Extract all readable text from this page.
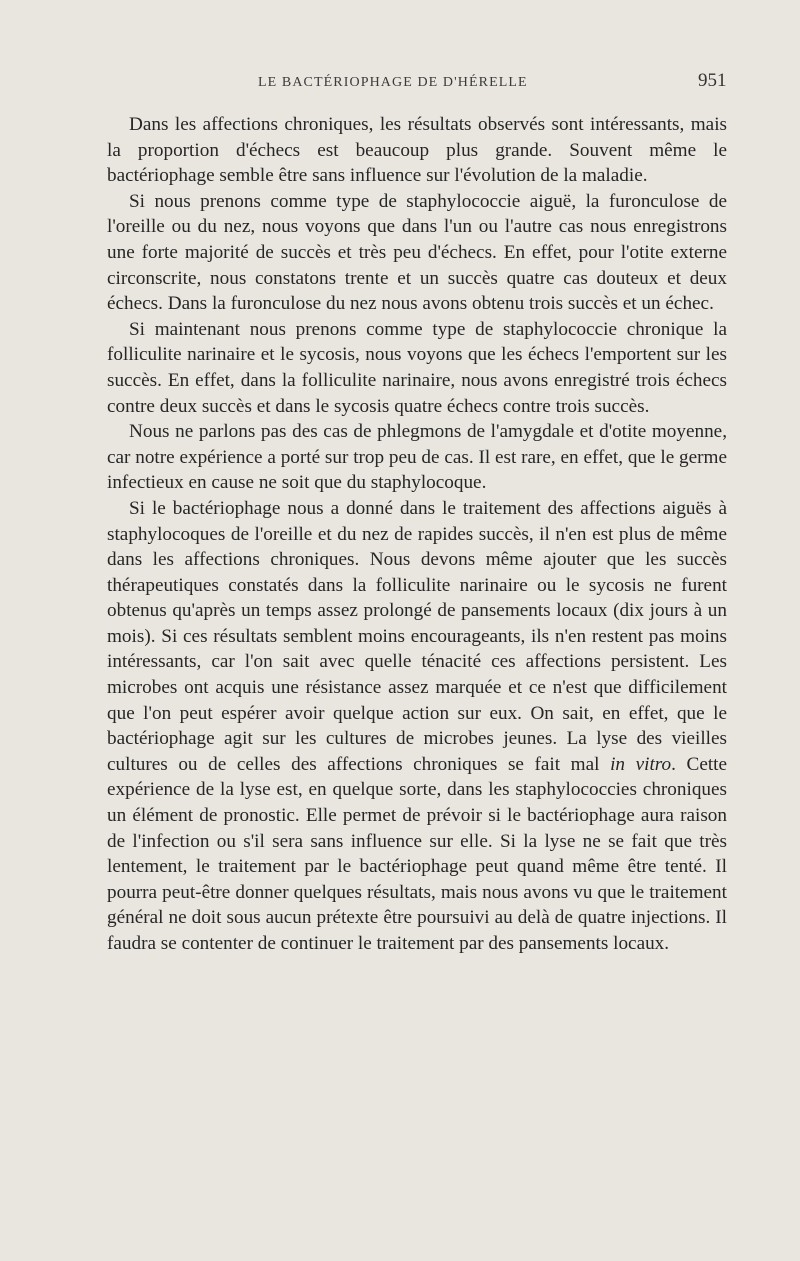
LE BACTÉRIOPHAGE DE D'HÉRELLE	951

Dans les affections chroniques, les résultats observés sont intéressants, mais la proportion d'échecs est beaucoup plus grande. Souvent même le bactériophage semble être sans influence sur l'évolution de la maladie.

Si nous prenons comme type de staphylococcie aiguë, la furonculose de l'oreille ou du nez, nous voyons que dans l'un ou l'autre cas nous enregistrons une forte majorité de succès et très peu d'échecs. En effet, pour l'otite externe circonscrite, nous constatons trente et un succès quatre cas douteux et deux échecs. Dans la furonculose du nez nous avons obtenu trois succès et un échec.

Si maintenant nous prenons comme type de staphylococcie chronique la folliculite narinaire et le sycosis, nous voyons que les échecs l'emportent sur les succès. En effet, dans la folliculite narinaire, nous avons enregistré trois échecs contre deux succès et dans le sycosis quatre échecs contre trois succès.

Nous ne parlons pas des cas de phlegmons de l'amygdale et d'otite moyenne, car notre expérience a porté sur trop peu de cas. Il est rare, en effet, que le germe infectieux en cause ne soit que du staphylocoque.

Si le bactériophage nous a donné dans le traitement des affections aiguës à staphylocoques de l'oreille et du nez de rapides succès, il n'en est plus de même dans les affections chroniques. Nous devons même ajouter que les succès thérapeutiques constatés dans la folliculite narinaire ou le sycosis ne furent obtenus qu'après un temps assez prolongé de pansements locaux (dix jours à un mois). Si ces résultats semblent moins encourageants, ils n'en restent pas moins intéressants, car l'on sait avec quelle ténacité ces affections persistent. Les microbes ont acquis une résistance assez marquée et ce n'est que difficilement que l'on peut espérer avoir quelque action sur eux. On sait, en effet, que le bactériophage agit sur les cultures de microbes jeunes. La lyse des vieilles cultures ou de celles des affections chroniques se fait mal in vitro. Cette expérience de la lyse est, en quelque sorte, dans les staphylococcies chroniques un élément de pronostic. Elle permet de prévoir si le bactériophage aura raison de l'infection ou s'il sera sans influence sur elle. Si la lyse ne se fait que très lentement, le traitement par le bactériophage peut quand même être tenté. Il pourra peut-être donner quelques résultats, mais nous avons vu que le traitement général ne doit sous aucun prétexte être poursuivi au delà de quatre injections. Il faudra se contenter de continuer le traitement par des pansements locaux.
